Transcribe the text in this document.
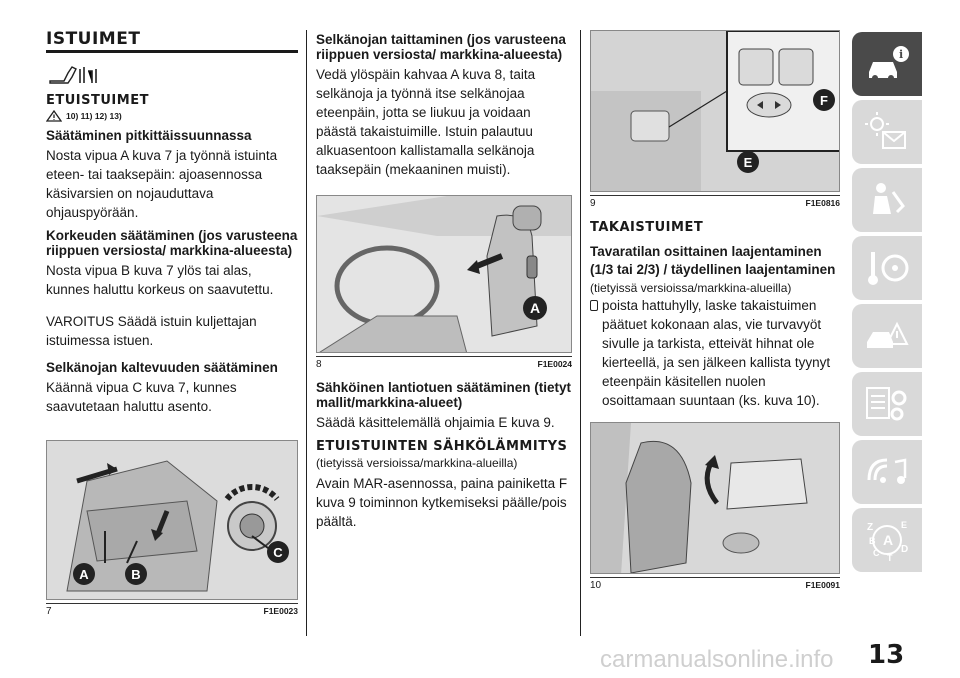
ISTUIMET
ETUISTUIMET
10) 11) 12) 13)
Säätäminen pitkittäissuunnassa

Nosta vipua A kuva 7 ja työnnä istuinta eteen- tai taaksepäin: ajoasennossa käsivarsien on nojauduttava ohjauspyörään.

Korkeuden säätäminen (jos varusteena riippuen versiosta/ markkina-alueesta)

Nosta vipua B kuva 7 ylös tai alas, kunnes haluttu korkeus on saavutettu.

VAROITUS Säädä istuin kuljettajan istuimessa istuen.

Selkänojan kaltevuuden säätäminen

Käännä vipua C kuva 7, kunnes saavutetaan haluttu asento.

A	B
C
7	F1E0023
Selkänojan taittaminen (jos varusteena riippuen versiosta/ markkina-alueesta)

Vedä ylöspäin kahvaa A kuva 8, taita selkänoja ja työnnä itse selkänojaa eteenpäin, jotta se liukuu ja voidaan päästä takaistuimille. Istuin palautuu alkuasentoon kallistamalla selkänoja taaksepäin (mekaaninen muisti).

A
8	F1E0024
Sähköinen lantiotuen säätäminen (tietyt mallit/markkina-alueet)

Säädä käsittelemällä ohjaimia E kuva 9.

ETUISTUINTEN SÄHKÖLÄMMITYS

(tietyissä versioissa/markkina-alueilla)

Avain MAR-asennossa, paina painiketta F kuva 9 toiminnon kytkemiseksi päälle/pois päältä.

E
F
9	F1E0816
TAKAISTUIMET
Tavaratilan osittainen laajentaminen (1/3 tai 2/3) / täydellinen laajentaminen

(tietyissä versioissa/markkina-alueilla)

poista hattuhylly, laske takaistuimen päätuet kokonaan alas, vie turvavyöt sivulle ja tarkista, etteivät hihnat ole kierteellä, ja sen jälkeen kallista tyynyt eteenpäin käsitellen nuolen osoittamaan suuntaan (ks. kuva 10).

10	F1E0091
i
Z	E
B A
C D
T
carmanualsonline.info 13
